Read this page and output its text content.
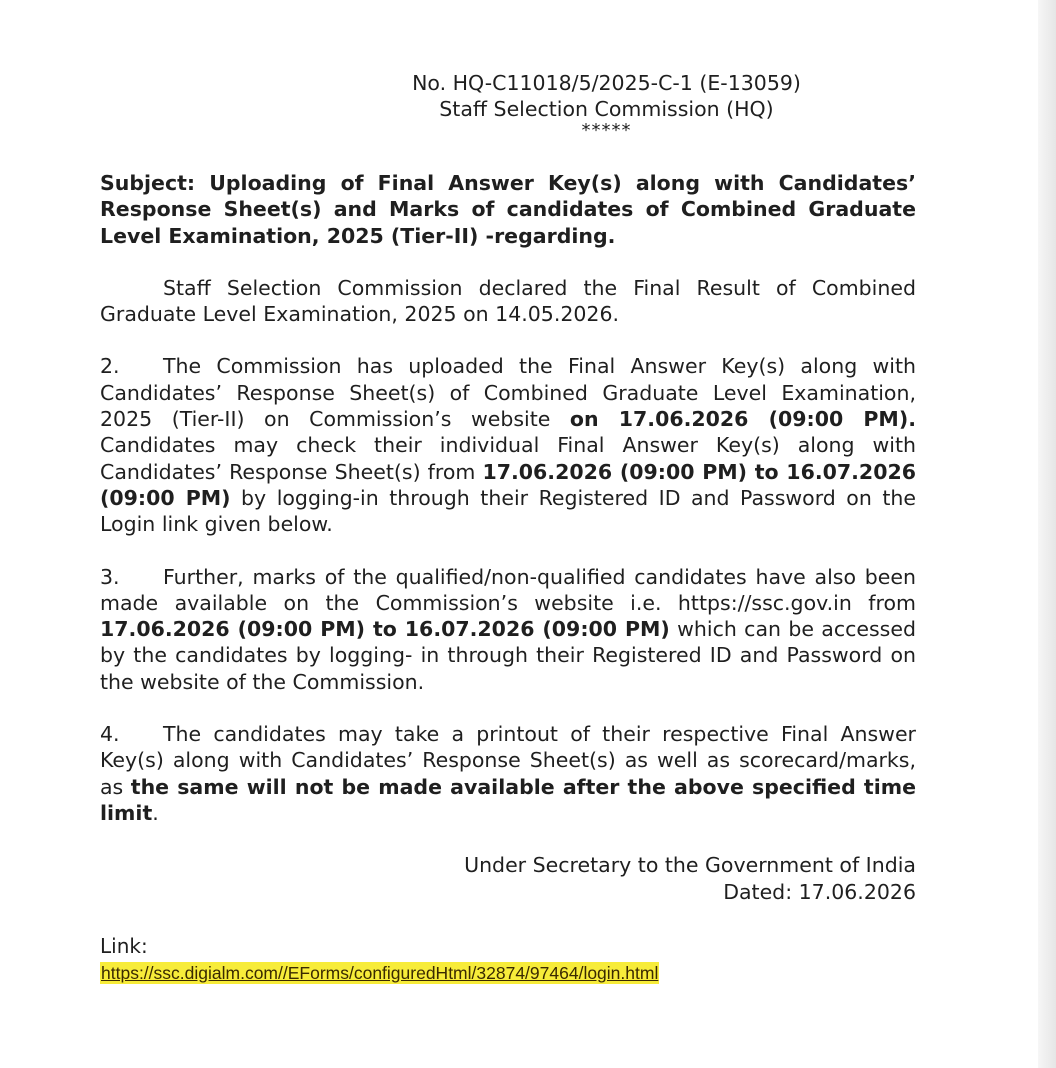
No. HQ-C11018/5/2025-C-1 (E-13059)
Staff Selection Commission (HQ)
*****

Subject: Uploading of Final Answer Key(s) along with Candidates’ Response Sheet(s) and Marks of candidates of Combined Graduate Level Examination, 2025 (Tier-II) -regarding.

Staff Selection Commission declared the Final Result of Combined Graduate Level Examination, 2025 on 14.05.2026.

2. The Commission has uploaded the Final Answer Key(s) along with Candidates’ Response Sheet(s) of Combined Graduate Level Examination, 2025 (Tier-II) on Commission’s website on 17.06.2026 (09:00 PM). Candidates may check their individual Final Answer Key(s) along with Candidates’ Response Sheet(s) from 17.06.2026 (09:00 PM) to 16.07.2026 (09:00 PM) by logging-in through their Registered ID and Password on the Login link given below.

3. Further, marks of the qualified/non-qualified candidates have also been made available on the Commission’s website i.e. https://ssc.gov.in from 17.06.2026 (09:00 PM) to 16.07.2026 (09:00 PM) which can be accessed by the candidates by logging- in through their Registered ID and Password on the website of the Commission.

4. The candidates may take a printout of their respective Final Answer Key(s) along with Candidates’ Response Sheet(s) as well as scorecard/marks, as the same will not be made available after the above specified time limit.

Under Secretary to the Government of India
Dated: 17.06.2026
Link:
https://ssc.digialm.com//EForms/configuredHtml/32874/97464/login.html
